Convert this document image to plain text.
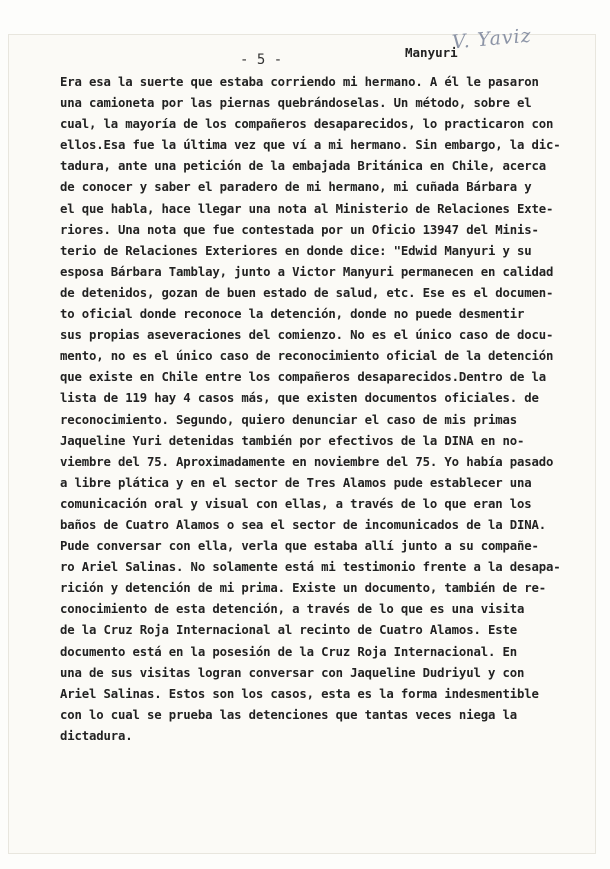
V. Yaviz
- 5 -	Manyuri
Era esa la suerte que estaba corriendo mi hermano. A él le pasaron
una camioneta por las piernas quebrándoselas. Un método, sobre el
cual, la mayoría de los compañeros desaparecidos, lo practicaron con
ellos.Esa fue la última vez que ví a mi hermano. Sin embargo, la dic-
tadura, ante una petición de la embajada Británica en Chile, acerca
de conocer y saber el paradero de mi hermano, mi cuñada Bárbara y
el que habla, hace llegar una nota al Ministerio de Relaciones Exte-
riores. Una nota que fue contestada por un Oficio 13947 del Minis-
terio de Relaciones Exteriores en donde dice: "Edwid Manyuri y su
esposa Bárbara Tamblay, junto a Victor Manyuri permanecen en calidad
de detenidos, gozan de buen estado de salud, etc. Ese es el documen-
to oficial donde reconoce la detención, donde no puede desmentir
sus propias aseveraciones del comienzo. No es el único caso de docu-
mento, no es el único caso de reconocimiento oficial de la detención
que existe en Chile entre los compañeros desaparecidos.Dentro de la
lista de 119 hay 4 casos más, que existen documentos oficiales. de
reconocimiento. Segundo, quiero denunciar el caso de mis primas
Jaqueline Yuri detenidas también por efectivos de la DINA en no-
viembre del 75. Aproximadamente en noviembre del 75. Yo había pasado
a libre plática y en el sector de Tres Alamos pude establecer una
comunicación oral y visual con ellas, a través de lo que eran los
baños de Cuatro Alamos o sea el sector de incomunicados de la DINA.
Pude conversar con ella, verla que estaba allí junto a su compañe-
ro Ariel Salinas. No solamente está mi testimonio frente a la desapa-
rición y detención de mi prima. Existe un documento, también de re-
conocimiento de esta detención, a través de lo que es una visita
de la Cruz Roja Internacional al recinto de Cuatro Alamos. Este
documento está en la posesión de la Cruz Roja Internacional. En
una de sus visitas logran conversar con Jaqueline Dudriyul y con
Ariel Salinas. Estos son los casos, esta es la forma indesmentible
con lo cual se prueba las detenciones que tantas veces niega la
dictadura.
